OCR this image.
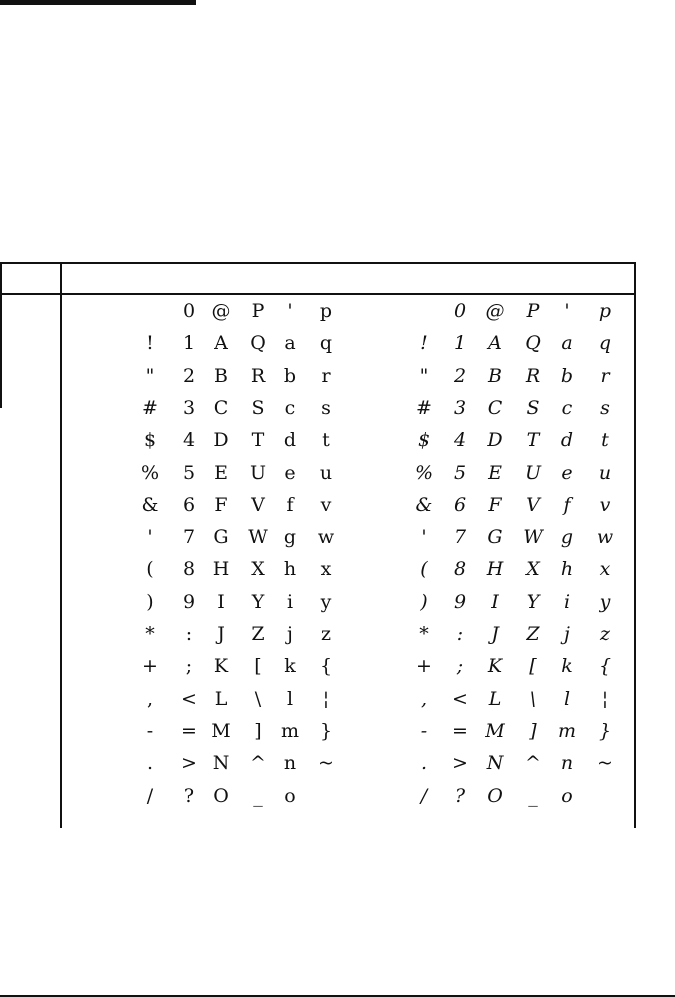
!
"
#
$
%
&
'
(
)
*
+
,
-
.
/
0
1
2
3
4
5
6
7
8
9
:
;
<
=
>
?
@
A
B
C
D
E
F
G
H
I
J
K
L
M
N
O
P
Q
R
S
T
U
V
W
X
Y
Z
[
\
]
^
_
'
a
b
c
d
e
f
g
h
i
j
k
l
m
n
o
p
q
r
s
t
u
v
w
x
y
z
{
¦
}
~
!
"
#
$
%
&
'
(
)
*
+
,
-
.
/
0
1
2
3
4
5
6
7
8
9
:
;
<
=
>
?
@
A
B
C
D
E
F
G
H
I
J
K
L
M
N
O
P
Q
R
S
T
U
V
W
X
Y
Z
[
\
]
^
_
'
a
b
c
d
e
f
g
h
i
j
k
l
m
n
o
p
q
r
s
t
u
v
w
x
y
z
{
¦
}
~
